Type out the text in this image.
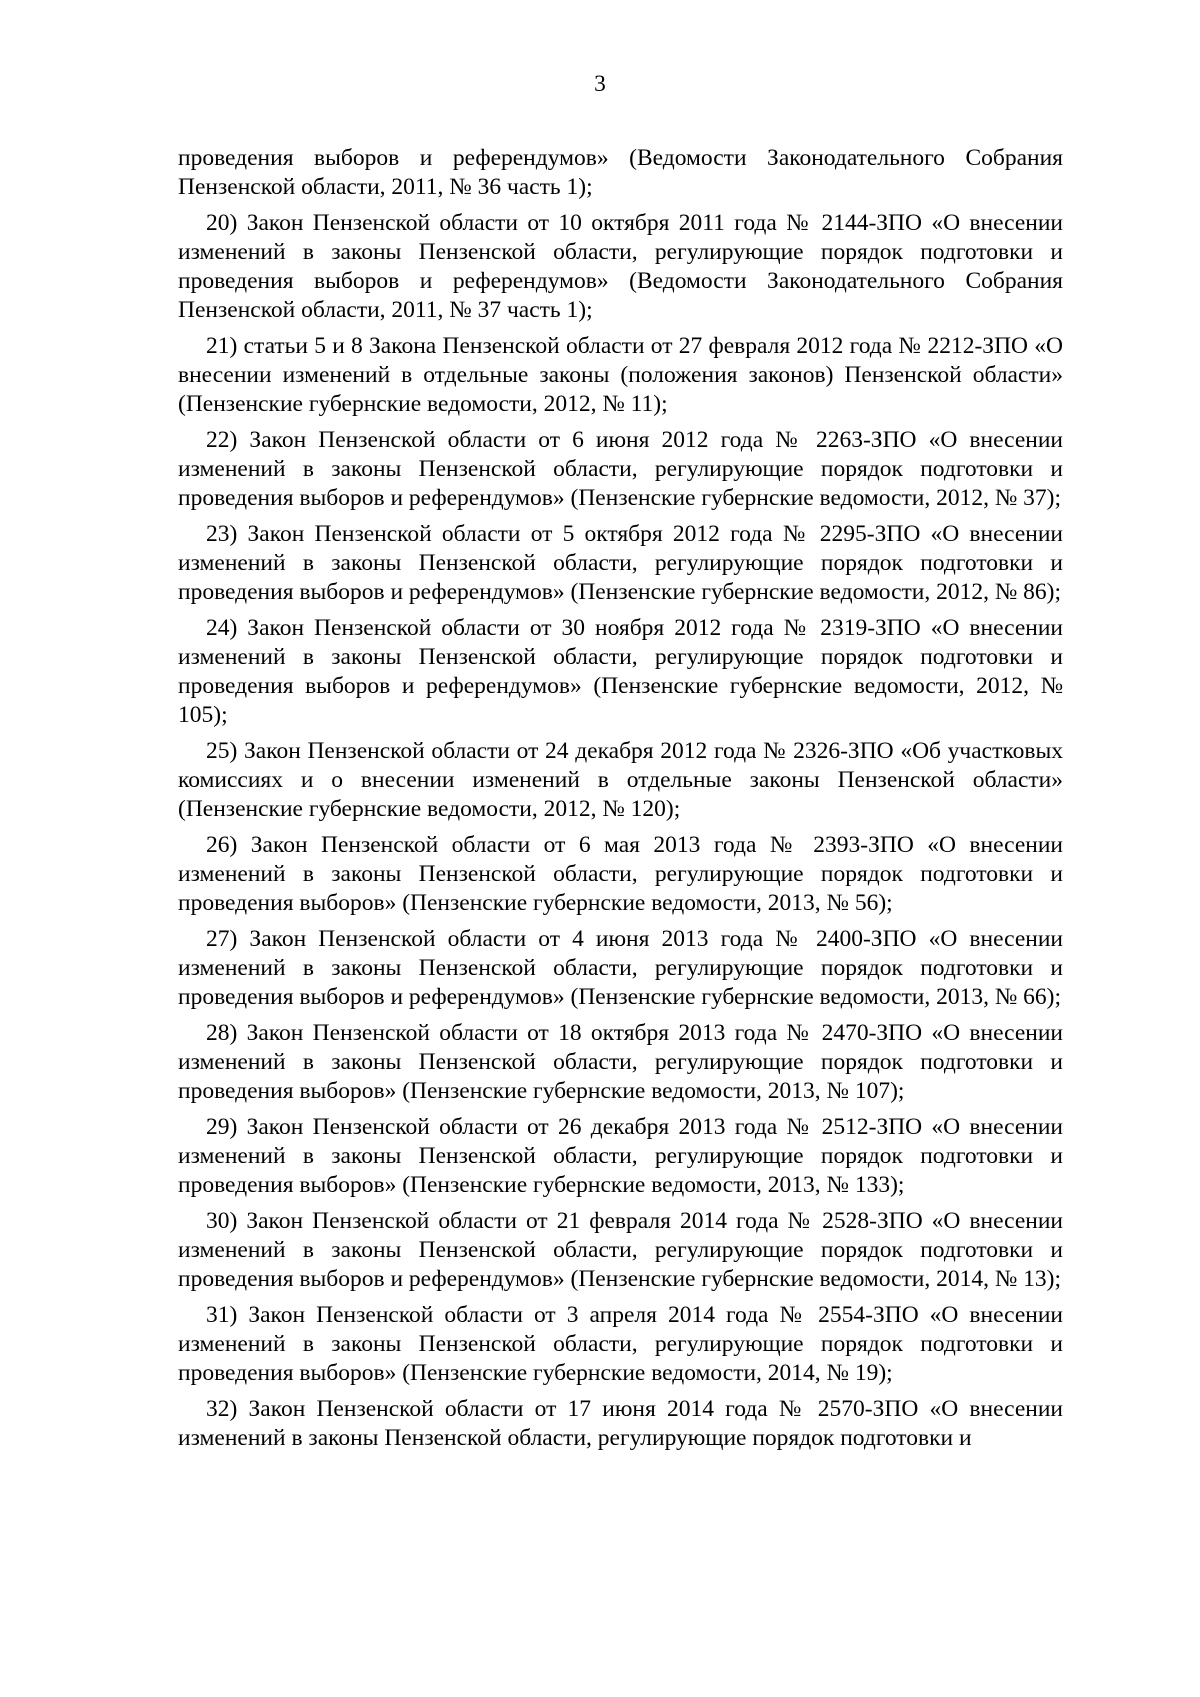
3

проведения выборов и референдумов» (Ведомости Законодательного Собрания Пензенской области, 2011, № 36 часть 1);

20) Закон Пензенской области от 10 октября 2011 года № 2144-ЗПО «О внесении изменений в законы Пензенской области, регулирующие порядок подготовки и проведения выборов и референдумов» (Ведомости Законодательного Собрания Пензенской области, 2011, № 37 часть 1);

21) статьи 5 и 8 Закона Пензенской области от 27 февраля 2012 года № 2212-ЗПО «О внесении изменений в отдельные законы (положения законов) Пензенской области» (Пензенские губернские ведомости, 2012, № 11);

22) Закон Пензенской области от 6 июня 2012 года № 2263-ЗПО «О внесении изменений в законы Пензенской области, регулирующие порядок подготовки и проведения выборов и референдумов» (Пензенские губернские ведомости, 2012, № 37);

23) Закон Пензенской области от 5 октября 2012 года № 2295-ЗПО «О внесении изменений в законы Пензенской области, регулирующие порядок подготовки и проведения выборов и референдумов» (Пензенские губернские ведомости, 2012, № 86);

24) Закон Пензенской области от 30 ноября 2012 года № 2319-ЗПО «О внесении изменений в законы Пензенской области, регулирующие порядок подготовки и проведения выборов и референдумов» (Пензенские губернские ведомости, 2012, № 105);

25) Закон Пензенской области от 24 декабря 2012 года № 2326-ЗПО «Об участковых комиссиях и о внесении изменений в отдельные законы Пензенской области» (Пензенские губернские ведомости, 2012, № 120);

26) Закон Пензенской области от 6 мая 2013 года № 2393-ЗПО «О внесении изменений в законы Пензенской области, регулирующие порядок подготовки и проведения выборов» (Пензенские губернские ведомости, 2013, № 56);

27) Закон Пензенской области от 4 июня 2013 года № 2400-ЗПО «О внесении изменений в законы Пензенской области, регулирующие порядок подготовки и проведения выборов и референдумов» (Пензенские губернские ведомости, 2013, № 66);

28) Закон Пензенской области от 18 октября 2013 года № 2470-ЗПО «О внесении изменений в законы Пензенской области, регулирующие порядок подготовки и проведения выборов» (Пензенские губернские ведомости, 2013, № 107);

29) Закон Пензенской области от 26 декабря 2013 года № 2512-ЗПО «О внесении изменений в законы Пензенской области, регулирующие порядок подготовки и проведения выборов» (Пензенские губернские ведомости, 2013, № 133);

30) Закон Пензенской области от 21 февраля 2014 года № 2528-ЗПО «О внесении изменений в законы Пензенской области, регулирующие порядок подготовки и проведения выборов и референдумов» (Пензенские губернские ведомости, 2014, № 13);

31) Закон Пензенской области от 3 апреля 2014 года № 2554-ЗПО «О внесении изменений в законы Пензенской области, регулирующие порядок подготовки и проведения выборов» (Пензенские губернские ведомости, 2014, № 19);

32) Закон Пензенской области от 17 июня 2014 года № 2570-ЗПО «О внесении изменений в законы Пензенской области, регулирующие порядок подготовки и
